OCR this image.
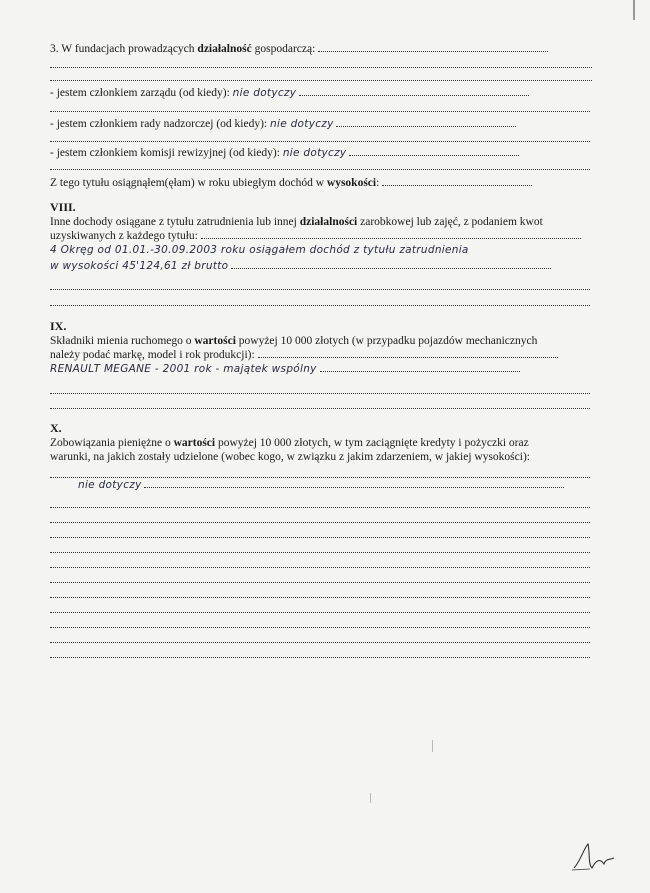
3. W fundacjach prowadzących działalność gospodarczą:
- jestem członkiem zarządu (od kiedy): nie dotyczy
- jestem członkiem rady nadzorczej (od kiedy): nie dotyczy
- jestem członkiem komisji rewizyjnej (od kiedy): nie dotyczy
Z tego tytułu osiągnąłem(ęłam) w roku ubiegłym dochód w wysokości:
VIII.
Inne dochody osiągane z tytułu zatrudnienia lub innej działalności zarobkowej lub zajęć, z podaniem kwot
uzyskiwanych z każdego tytułu:
4 Okręg od 01.01.-30.09.2003 roku osiągałem dochód z tytułu zatrudnienia
w wysokości 45'124,61 zł brutto
IX.
Składniki mienia ruchomego o wartości powyżej 10 000 złotych (w przypadku pojazdów mechanicznych
należy podać markę, model i rok produkcji):
RENAULT MEGANE - 2001 rok - majątek wspólny
X.
Zobowiązania pieniężne o wartości powyżej 10 000 złotych, w tym zaciągnięte kredyty i pożyczki oraz
warunki, na jakich zostały udzielone (wobec kogo, w związku z jakim zdarzeniem, w jakiej wysokości):
nie dotyczy
